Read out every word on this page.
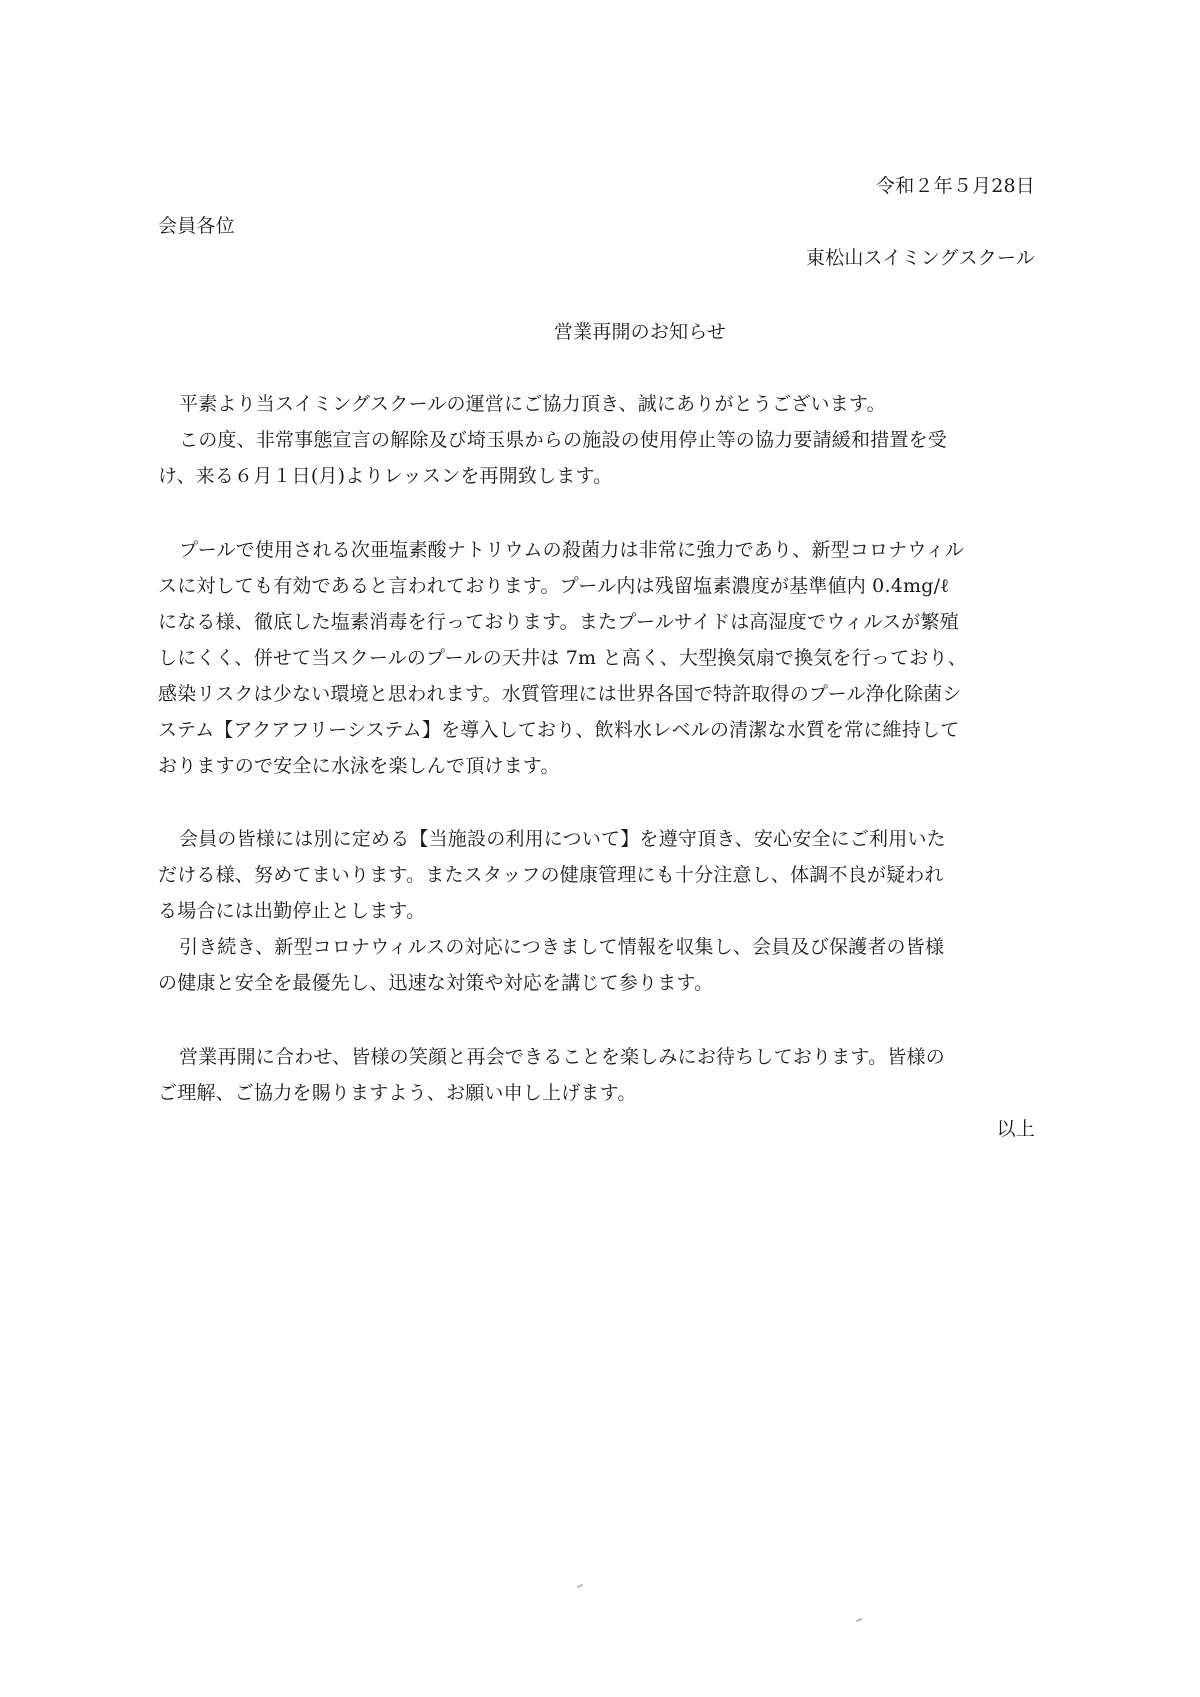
令和２年５月28日
会員各位
東松山スイミングスクール
営業再開のお知らせ
平素より当スイミングスクールの運営にご協力頂き、誠にありがとうございます。
この度、非常事態宣言の解除及び埼玉県からの施設の使用停止等の協力要請緩和措置を受
け、来る６月１日(月)よりレッスンを再開致します。
プールで使用される次亜塩素酸ナトリウムの殺菌力は非常に強力であり、新型コロナウィル
スに対しても有効であると言われております。プール内は残留塩素濃度が基準値内 0.4mg/ℓ
になる様、徹底した塩素消毒を行っております。またプールサイドは高湿度でウィルスが繁殖
しにくく、併せて当スクールのプールの天井は 7m と高く、大型換気扇で換気を行っており、
感染リスクは少ない環境と思われます。水質管理には世界各国で特許取得のプール浄化除菌シ
ステム【アクアフリーシステム】を導入しており、飲料水レベルの清潔な水質を常に維持して
おりますので安全に水泳を楽しんで頂けます。
会員の皆様には別に定める【当施設の利用について】を遵守頂き、安心安全にご利用いた
だける様、努めてまいります。またスタッフの健康管理にも十分注意し、体調不良が疑われ
る場合には出勤停止とします。
引き続き、新型コロナウィルスの対応につきまして情報を収集し、会員及び保護者の皆様
の健康と安全を最優先し、迅速な対策や対応を講じて参ります。
営業再開に合わせ、皆様の笑顔と再会できることを楽しみにお待ちしております。皆様の
ご理解、ご協力を賜りますよう、お願い申し上げます。
以上
